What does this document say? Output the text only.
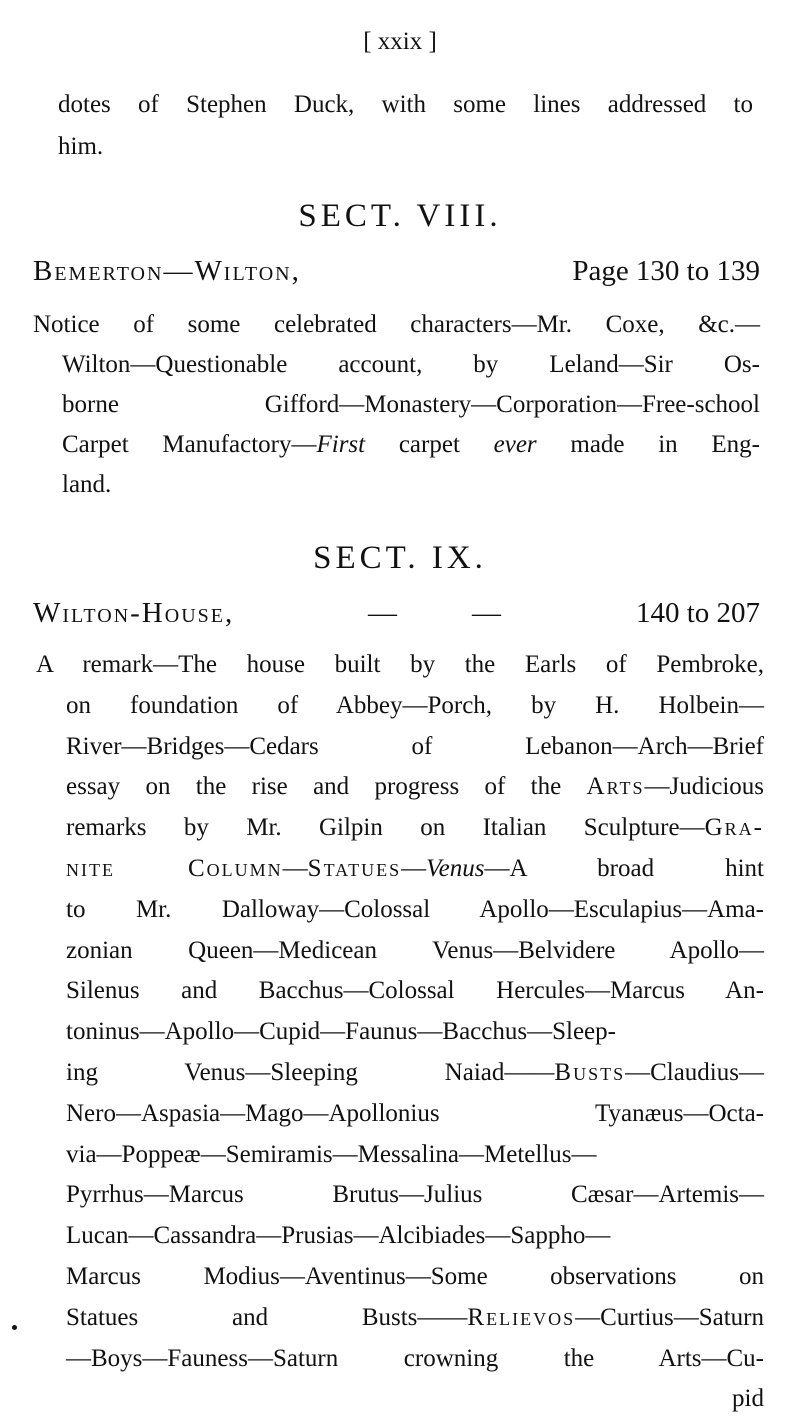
[ xxix ]
dotes of Stephen Duck, with some lines addressed to
him.
SECT. VIII.
Bemerton—Wilton,	Page 130 to 139
Notice of some celebrated characters—Mr. Coxe, &c.—
Wilton—Questionable account, by Leland—Sir Os-
borne Gifford—Monastery—Corporation—Free-school
Carpet Manufactory—First carpet ever made in Eng-
land.
SECT. IX.
Wilton-House,	—	—	140 to 207
A remark—The house built by the Earls of Pembroke,
on foundation of Abbey—Porch, by H. Holbein—
River—Bridges—Cedars of Lebanon—Arch—Brief
essay on the rise and progress of the Arts—Judicious
remarks by Mr. Gilpin on Italian Sculpture—Gra-
nite Column—Statues—Venus—A broad hint
to Mr. Dalloway—Colossal Apollo—Esculapius—Ama-
zonian Queen—Medicean Venus—Belvidere Apollo—
Silenus and Bacchus—Colossal Hercules—Marcus An-
toninus—Apollo—Cupid—Faunus—Bacchus—Sleep-
ing Venus—Sleeping Naiad——Busts—Claudius—
Nero—Aspasia—Mago—Apollonius Tyanæus—Octa-
via—Poppeæ—Semiramis—Messalina—Metellus—
Pyrrhus—Marcus Brutus—Julius Cæsar—Artemis—
Lucan—Cassandra—Prusias—Alcibiades—Sappho—
Marcus Modius—Aventinus—Some observations on
Statues and Busts——Relievos—Curtius—Saturn
—Boys—Fauness—Saturn crowning the Arts—Cu-
pid
